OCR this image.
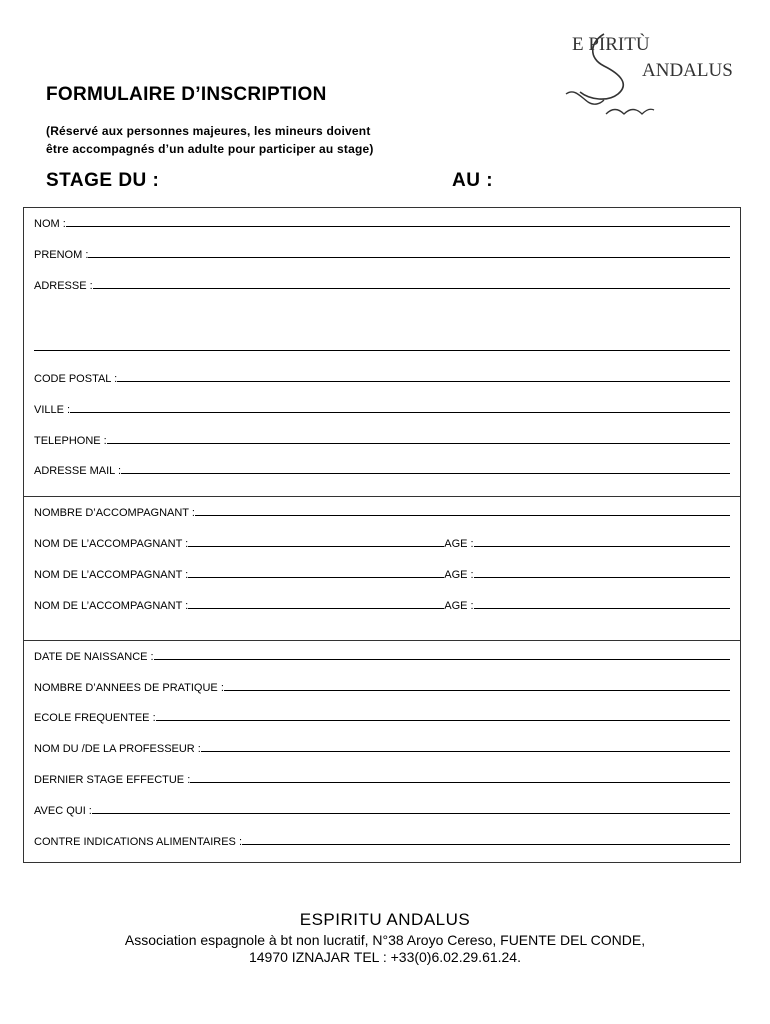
E PIRITÙ
ANDALUS
FORMULAIRE D’INSCRIPTION
(Réservé aux personnes majeures, les mineurs doivent
être accompagnés d’un adulte pour participer au stage)
STAGE DU :	AU :
NOM :
PRENOM :
ADRESSE :
CODE POSTAL :
VILLE :
TELEPHONE :
ADRESSE MAIL :
NOMBRE D’ACCOMPAGNANT :
NOM DE L’ACCOMPAGNANT :	AGE :
NOM DE L’ACCOMPAGNANT :	AGE :
NOM DE L’ACCOMPAGNANT :	AGE :
DATE DE NAISSANCE :
NOMBRE D’ANNEES DE PRATIQUE :
ECOLE FREQUENTEE :
NOM DU /DE LA PROFESSEUR :
DERNIER STAGE EFFECTUE :
AVEC QUI :
CONTRE INDICATIONS ALIMENTAIRES :
ESPIRITU ANDALUS
Association espagnole à bt non lucratif, N°38 Aroyo Cereso, FUENTE DEL CONDE,
14970 IZNAJAR TEL : +33(0)6.02.29.61.24.
